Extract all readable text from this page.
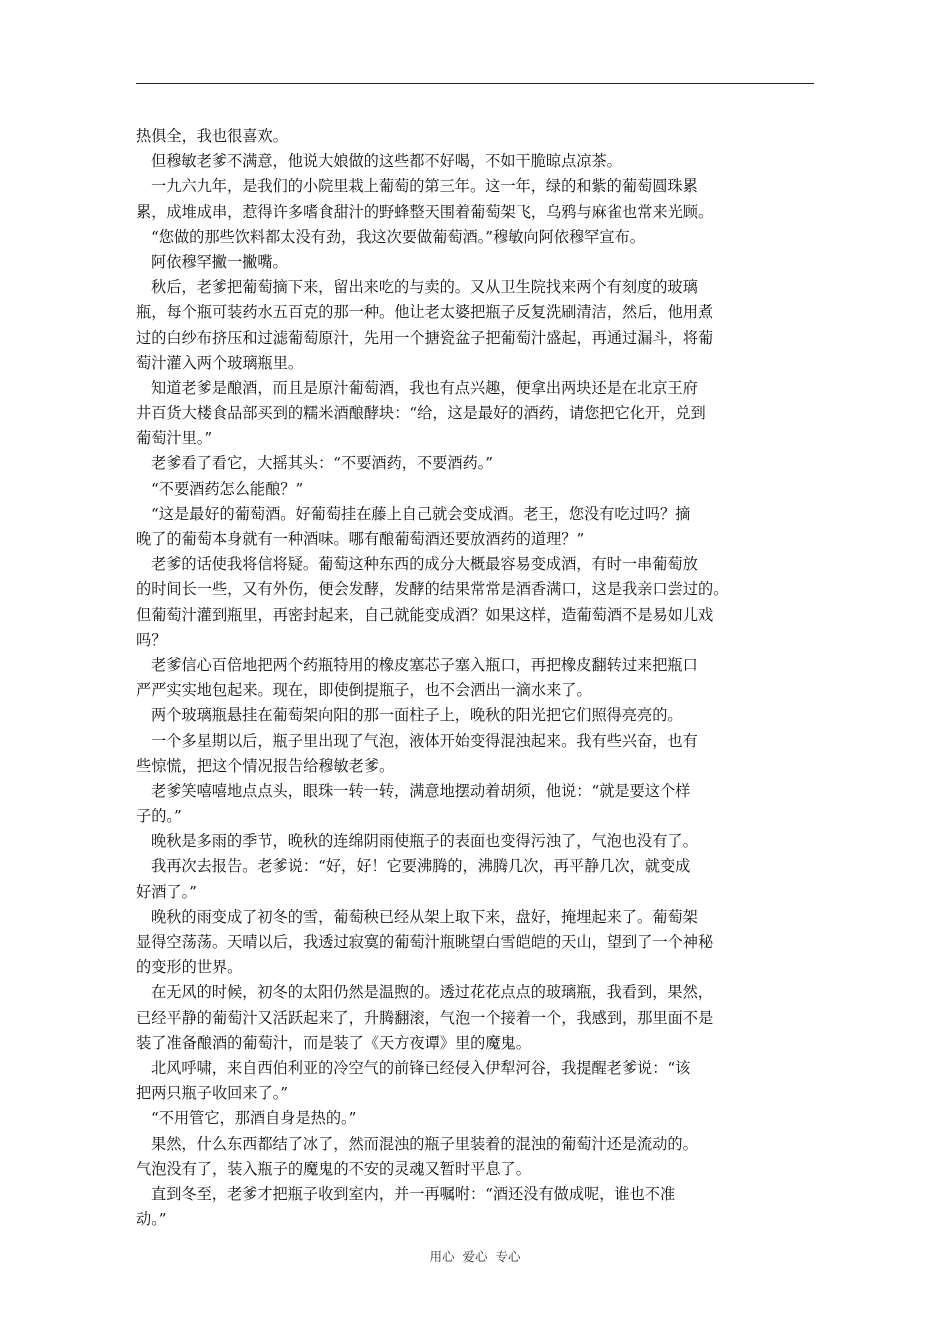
热俱全，我也很喜欢。
但穆敏老爹不满意，他说大娘做的这些都不好喝，不如干脆晾点凉茶。
一九六九年，是我们的小院里栽上葡萄的第三年。这一年，绿的和紫的葡萄圆珠累
累，成堆成串，惹得许多嗜食甜汁的野蜂整天围着葡萄架飞，乌鸦与麻雀也常来光顾。
“您做的那些饮料都太没有劲，我这次要做葡萄酒。”穆敏向阿依穆罕宣布。
阿依穆罕撇一撇嘴。
秋后，老爹把葡萄摘下来，留出来吃的与卖的。又从卫生院找来两个有刻度的玻璃
瓶，每个瓶可装药水五百克的那一种。他让老太婆把瓶子反复洗刷清洁，然后，他用煮
过的白纱布挤压和过滤葡萄原汁，先用一个搪瓷盆子把葡萄汁盛起，再通过漏斗，将葡
萄汁灌入两个玻璃瓶里。
知道老爹是酿酒，而且是原汁葡萄酒，我也有点兴趣，便拿出两块还是在北京王府
井百货大楼食品部买到的糯米酒酿酵块：“给，这是最好的酒药，请您把它化开，兑到
葡萄汁里。”
老爹看了看它，大摇其头：“不要酒药，不要酒药。”
“不要酒药怎么能酿？”
“这是最好的葡萄酒。好葡萄挂在藤上自己就会变成酒。老王，您没有吃过吗？摘
晚了的葡萄本身就有一种酒味。哪有酿葡萄酒还要放酒药的道理？”
老爹的话使我将信将疑。葡萄这种东西的成分大概最容易变成酒，有时一串葡萄放
的时间长一些，又有外伤，便会发酵，发酵的结果常常是酒香满口，这是我亲口尝过的。
但葡萄汁灌到瓶里，再密封起来，自己就能变成酒？如果这样，造葡萄酒不是易如儿戏
吗？
老爹信心百倍地把两个药瓶特用的橡皮塞芯子塞入瓶口，再把橡皮翻转过来把瓶口
严严实实地包起来。现在，即使倒提瓶子，也不会洒出一滴水来了。
两个玻璃瓶悬挂在葡萄架向阳的那一面柱子上，晚秋的阳光把它们照得亮亮的。
一个多星期以后，瓶子里出现了气泡，液体开始变得混浊起来。我有些兴奋，也有
些惊慌，把这个情况报告给穆敏老爹。
老爹笑嘻嘻地点点头，眼珠一转一转，满意地摆动着胡须，他说：“就是要这个样
子的。”
晚秋是多雨的季节，晚秋的连绵阴雨使瓶子的表面也变得污浊了，气泡也没有了。
我再次去报告。老爹说：“好，好！它要沸腾的，沸腾几次，再平静几次，就变成
好酒了。”
晚秋的雨变成了初冬的雪，葡萄秧已经从架上取下来，盘好，掩埋起来了。葡萄架
显得空荡荡。天晴以后，我透过寂寞的葡萄汁瓶眺望白雪皑皑的天山，望到了一个神秘
的变形的世界。
在无风的时候，初冬的太阳仍然是温煦的。透过花花点点的玻璃瓶，我看到，果然，
已经平静的葡萄汁又活跃起来了，升腾翻滚，气泡一个接着一个，我感到，那里面不是
装了准备酿酒的葡萄汁，而是装了《天方夜谭》里的魔鬼。
北风呼啸，来自西伯利亚的冷空气的前锋已经侵入伊犁河谷，我提醒老爹说：“该
把两只瓶子收回来了。”
“不用管它，那酒自身是热的。”
果然，什么东西都结了冰了，然而混浊的瓶子里装着的混浊的葡萄汁还是流动的。
气泡没有了，装入瓶子的魔鬼的不安的灵魂又暂时平息了。
直到冬至，老爹才把瓶子收到室内，并一再嘱咐：“酒还没有做成呢，谁也不准
动。”
用心  爱心  专心
